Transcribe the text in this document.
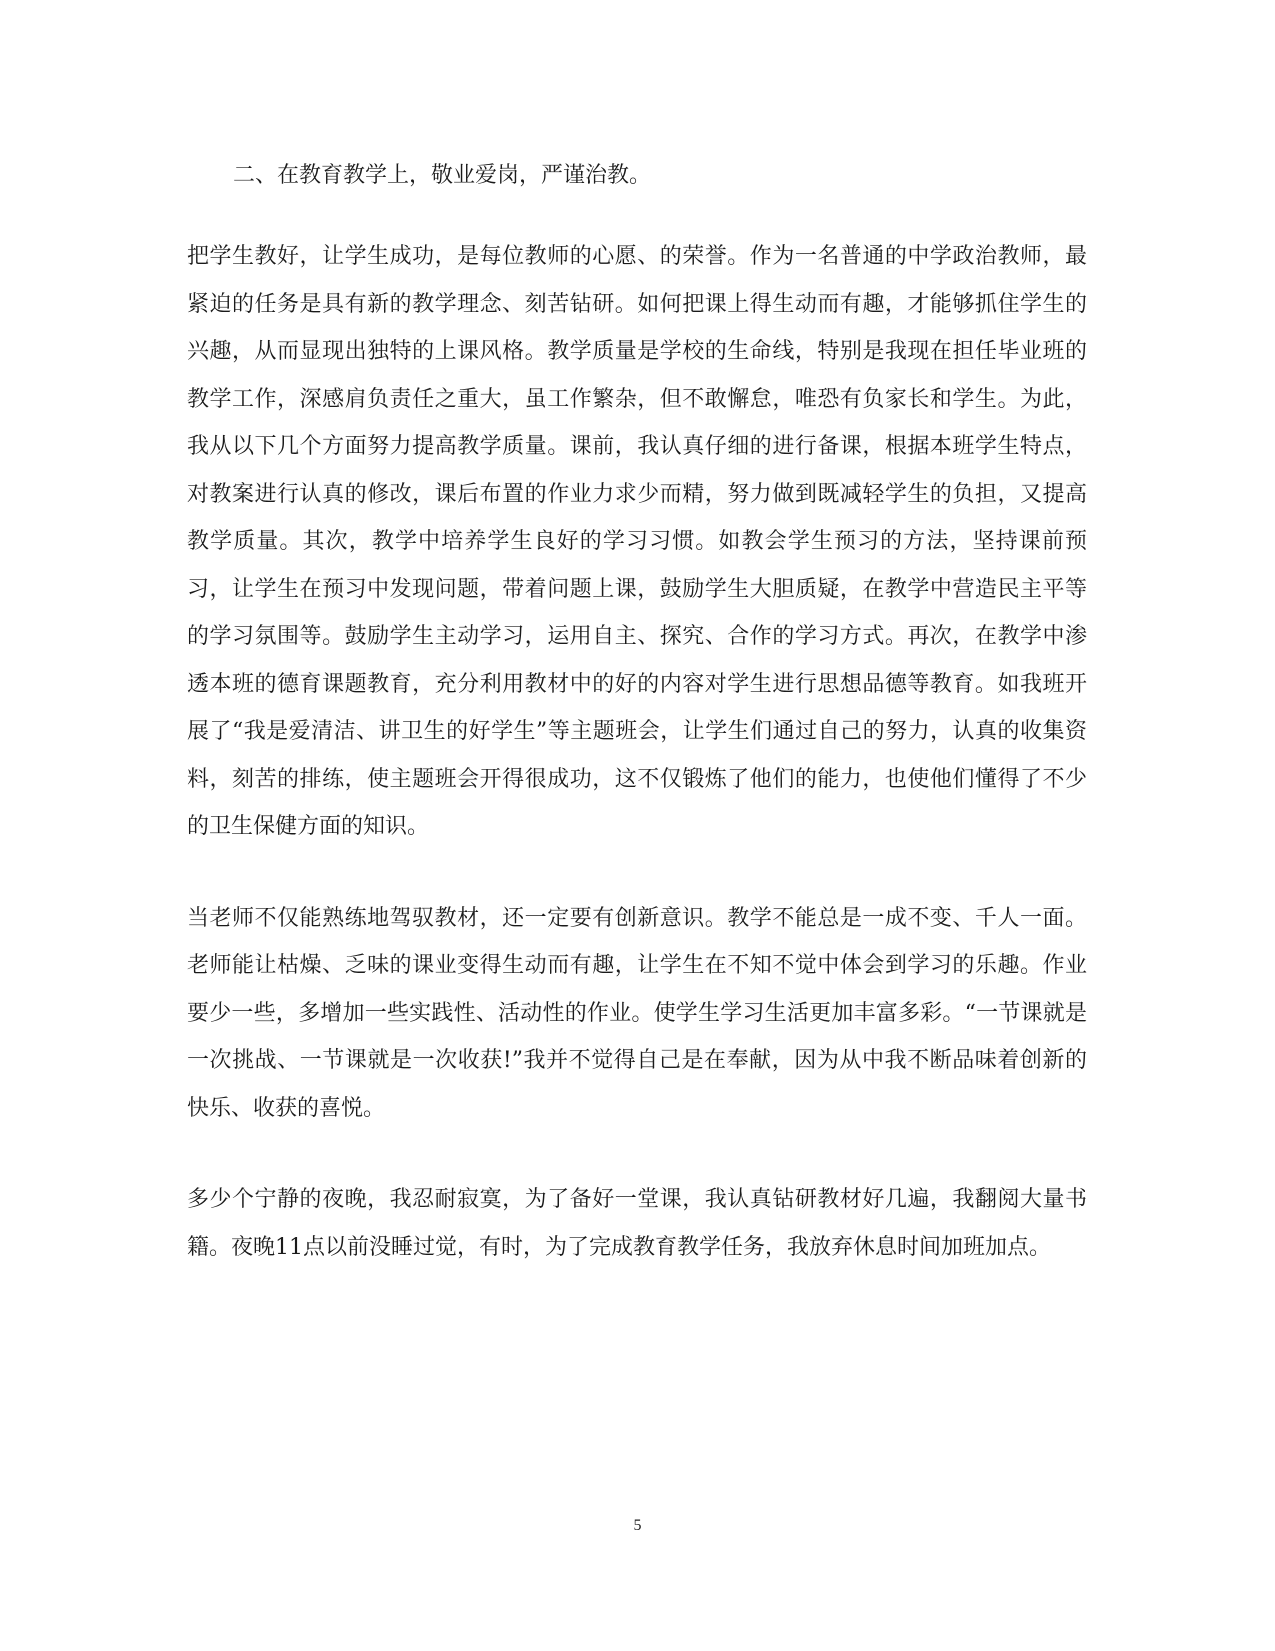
二、在教育教学上，敬业爱岗，严谨治教。

把学生教好，让学生成功，是每位教师的心愿、的荣誉。作为一名普通的中学政治教师，最紧迫的任务是具有新的教学理念、刻苦钻研。如何把课上得生动而有趣，才能够抓住学生的兴趣，从而显现出独特的上课风格。教学质量是学校的生命线，特别是我现在担任毕业班的教学工作，深感肩负责任之重大，虽工作繁杂，但不敢懈怠，唯恐有负家长和学生。为此，我从以下几个方面努力提高教学质量。课前，我认真仔细的进行备课，根据本班学生特点，对教案进行认真的修改，课后布置的作业力求少而精，努力做到既减轻学生的负担，又提高教学质量。其次，教学中培养学生良好的学习习惯。如教会学生预习的方法，坚持课前预习，让学生在预习中发现问题，带着问题上课，鼓励学生大胆质疑，在教学中营造民主平等的学习氛围等。鼓励学生主动学习，运用自主、探究、合作的学习方式。再次，在教学中渗透本班的德育课题教育，充分利用教材中的好的内容对学生进行思想品德等教育。如我班开展了“我是爱清洁、讲卫生的好学生”等主题班会，让学生们通过自己的努力，认真的收集资料，刻苦的排练，使主题班会开得很成功，这不仅锻炼了他们的能力，也使他们懂得了不少的卫生保健方面的知识。

当老师不仅能熟练地驾驭教材，还一定要有创新意识。教学不能总是一成不变、千人一面。老师能让枯燥、乏味的课业变得生动而有趣，让学生在不知不觉中体会到学习的乐趣。作业要少一些，多增加一些实践性、活动性的作业。使学生学习生活更加丰富多彩。“一节课就是一次挑战、一节课就是一次收获!”我并不觉得自己是在奉献，因为从中我不断品味着创新的快乐、收获的喜悦。

多少个宁静的夜晚，我忍耐寂寞，为了备好一堂课，我认真钻研教材好几遍，我翻阅大量书籍。夜晚11点以前没睡过觉，有时，为了完成教育教学任务，我放弃休息时间加班加点。

5
